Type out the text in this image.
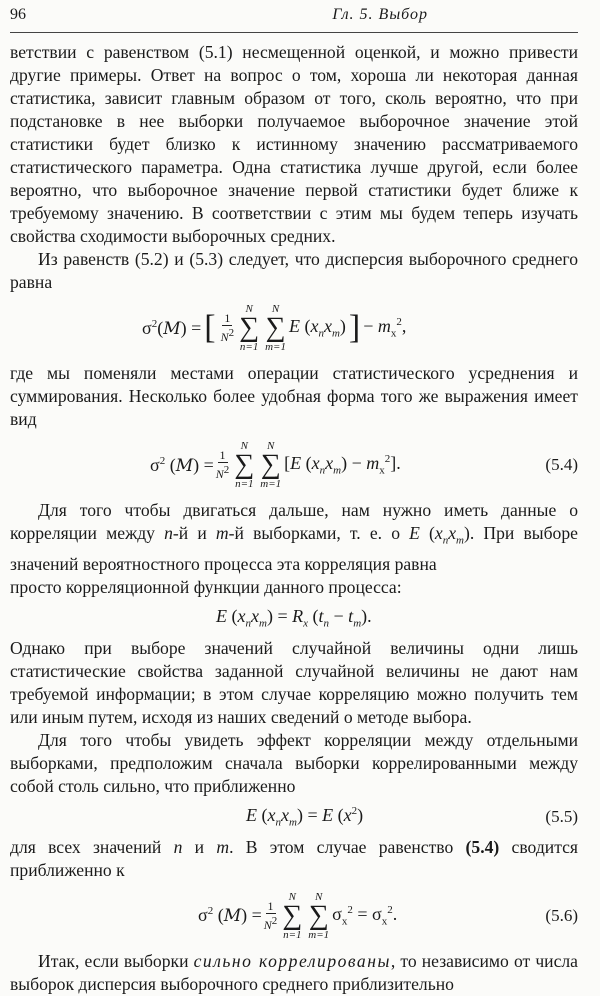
96	Гл. 5. Выбор

ветствии с равенством (5.1) несмещенной оценкой, и можно привести другие примеры. Ответ на вопрос о том, хороша ли некоторая данная статистика, зависит главным образом от того, сколь вероятно, что при подстановке в нее выборки получаемое выборочное значение этой статистики будет близко к истинному значению рассматриваемого статистического параметра. Одна статистика лучше другой, если более вероятно, что выборочное значение первой статистики будет ближе к требуемому значению. В соответствии с этим мы будем теперь изучать свойства сходимости выборочных средних.

Из равенств (5.2) и (5.3) следует, что дисперсия выборочного среднего равна

$\sigma^2(M)$ = [ $\frac{1}{N^2}$
N
∑
n=1
N
∑
m=1
E $(x_nx_m)$ ] − $m_x^2$,

где мы поменяли местами операции статистического усреднения и суммирования. Несколько более удобная форма того же выражения имеет вид

$\sigma^2$ $(M) = \frac{1}{N^2}$
N
∑
n=1
N
∑
m=1
[E $(x_nx_m) - m_x^2$].	(5.4)

Для того чтобы двигаться дальше, нам нужно иметь данные о корреляции между n-й и m-й выборками, т. е. о E $(x_nx_m)$. При выборе значений вероятностного процесса эта корреляция равна

просто корреляционной функции данного процесса:

E $(x_nx_m) = R_x$ $(t_n - t_m)$.

Однако при выборе значений случайной величины одни лишь статистические свойства заданной случайной величины не дают нам требуемой информации; в этом случае корреляцию можно получить тем или иным путем, исходя из наших сведений о методе выбора.

Для того чтобы увидеть эффект корреляции между отдельными выборками, предположим сначала выборки коррелированными между собой столь сильно, что приближенно

E $(x_nx_m) = E$ $(x^2)$	(5.5)

для всех значений n и m. В этом случае равенство (5.4) сводится приближенно к

$\sigma^2$ $(M) = \frac{1}{N^2}$
N
∑
n=1
N
∑
m=1
$\sigma_x^2 = \sigma_x^2$.	(5.6)

Итак, если выборки сильно коррелированы, то независимо от числа выборок дисперсия выборочного среднего приблизительно
